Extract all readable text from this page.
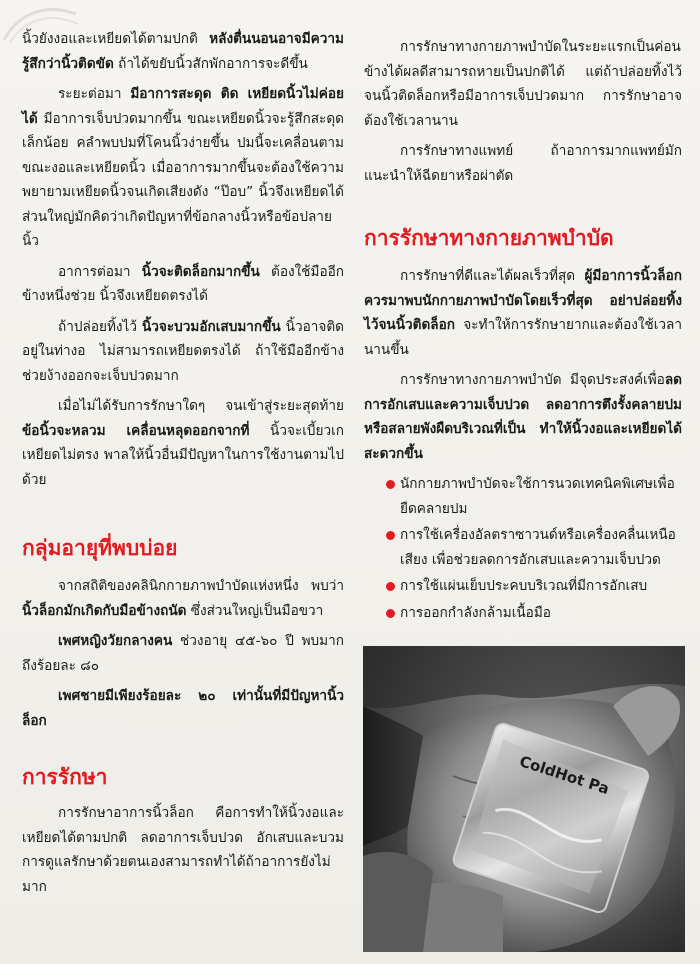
นิ้วยังงอและเหยียดได้ตามปกติ หลังตื่นนอนอาจมีความรู้สึกว่านิ้วติดขัด ถ้าได้ขยับนิ้วสักพักอาการจะดีขึ้น

ระยะต่อมา มีอาการสะดุด ติด เหยียดนิ้วไม่ค่อยได้ มีอาการเจ็บปวดมากขึ้น ขณะเหยียดนิ้วจะรู้สึกสะดุดเล็กน้อย คลำพบปมที่โคนนิ้วง่ายขึ้น ปมนี้จะเคลื่อนตามขณะงอและเหยียดนิ้ว เมื่ออาการมากขึ้นจะต้องใช้ความพยายามเหยียดนิ้วจนเกิดเสียงดัง “ป๊อบ” นิ้วจึงเหยียดได้ ส่วนใหญ่มักคิดว่าเกิดปัญหาที่ข้อกลางนิ้วหรือข้อปลายนิ้ว

อาการต่อมา นิ้วจะติดล็อกมากขึ้น ต้องใช้มืออีกข้างหนึ่งช่วย นิ้วจึงเหยียดตรงได้

ถ้าปล่อยทิ้งไว้ นิ้วจะบวมอักเสบมากขึ้น นิ้วอาจติดอยู่ในท่างอ ไม่สามารถเหยียดตรงได้ ถ้าใช้มืออีกข้างช่วยง้างออกจะเจ็บปวดมาก

เมื่อไม่ได้รับการรักษาใดๆ จนเข้าสู่ระยะสุดท้าย ข้อนิ้วจะหลวม เคลื่อนหลุดออกจากที่ นิ้วจะเบี้ยวเกเหยียดไม่ตรง พาลให้นิ้วอื่นมีปัญหาในการใช้งานตามไปด้วย

กลุ่มอายุที่พบบ่อย

จากสถิติของคลินิกกายภาพบำบัดแห่งหนึ่ง พบว่า นิ้วล็อกมักเกิดกับมือข้างถนัด ซึ่งส่วนใหญ่เป็นมือขวา

เพศหญิงวัยกลางคน ช่วงอายุ ๔๕-๖๐ ปี พบมากถึงร้อยละ ๘๐

เพศชายมีเพียงร้อยละ ๒๐ เท่านั้นที่มีปัญหานิ้วล็อก

การรักษา

การรักษาอาการนิ้วล็อก คือการทำให้นิ้วงอและเหยียดได้ตามปกติ ลดอาการเจ็บปวด อักเสบและบวม การดูแลรักษาด้วยตนเองสามารถทำได้ถ้าอาการยังไม่มาก

การรักษาทางกายภาพบำบัดในระยะแรกเป็นค่อนข้างได้ผลดีสามารถหายเป็นปกติได้ แต่ถ้าปล่อยทิ้งไว้จนนิ้วติดล็อกหรือมีอาการเจ็บปวดมาก การรักษาอาจต้องใช้เวลานาน

การรักษาทางแพทย์ ถ้าอาการมากแพทย์มักแนะนำให้ฉีดยาหรือผ่าตัด

การรักษาทางกายภาพบำบัด

การรักษาที่ดีและได้ผลเร็วที่สุด ผู้มีอาการนิ้วล็อกควรมาพบนักกายภาพบำบัดโดยเร็วที่สุด อย่าปล่อยทิ้งไว้จนนิ้วติดล็อก จะทำให้การรักษายากและต้องใช้เวลานานขึ้น

การรักษาทางกายภาพบำบัด มีจุดประสงค์เพื่อลดการอักเสบและความเจ็บปวด ลดอาการตึงรั้งคลายปมหรือสลายพังผืดบริเวณที่เป็น ทำให้นิ้วงอและเหยียดได้สะดวกขึ้น

นักกายภาพบำบัดจะใช้การนวดเทคนิคพิเศษเพื่อยืดคลายปม
การใช้เครื่องอัลตราซาวนด์หรือเครื่องคลื่นเหนือเสียง เพื่อช่วยลดการอักเสบและความเจ็บปวด
การใช้แผ่นเย็บประคบบริเวณที่มีการอักเสบ
การออกกำลังกล้ามเนื้อมือ
ColdHot Pa
